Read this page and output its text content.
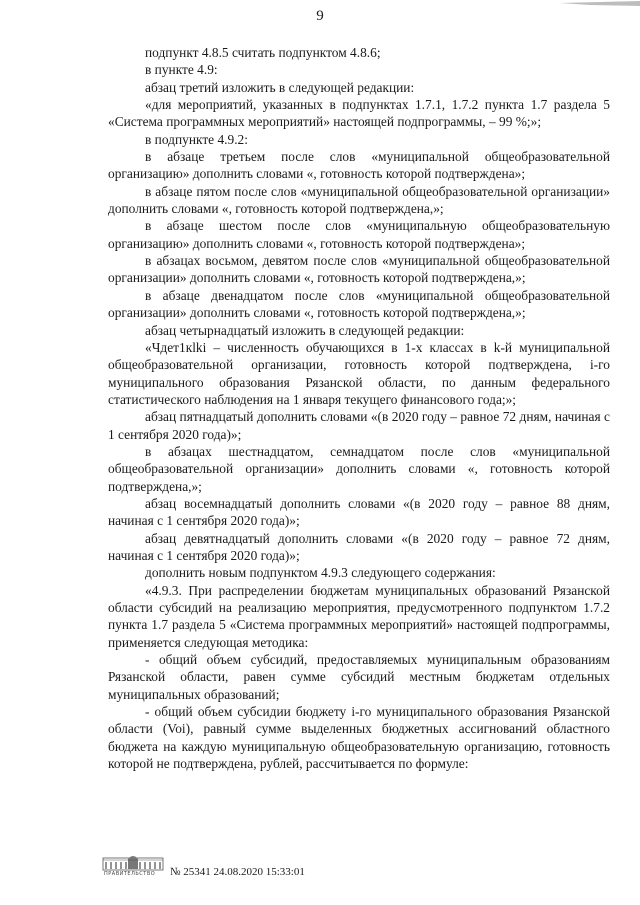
9

подпункт 4.8.5 считать подпунктом 4.8.6;

в пункте 4.9:

абзац третий изложить в следующей редакции:

«для мероприятий, указанных в подпунктах 1.7.1, 1.7.2 пункта 1.7 раздела 5 «Система программных мероприятий» настоящей подпрограммы, – 99 %;»;

в подпункте 4.9.2:

в абзаце третьем после слов «муниципальной общеобразовательной организацию» дополнить словами «, готовность которой подтверждена»;

в абзаце пятом после слов «муниципальной общеобразовательной организации» дополнить словами «, готовность которой подтверждена,»;

в абзаце шестом после слов «муниципальную общеобразовательную организацию» дополнить словами «, готовность которой подтверждена»;

в абзацах восьмом, девятом после слов «муниципальной общеобразовательной организации» дополнить словами «, готовность которой подтверждена,»;

в абзаце двенадцатом после слов «муниципальной общеобразовательной организации» дополнить словами «, готовность которой подтверждена,»;

абзац четырнадцатый изложить в следующей редакции:

«Чдет1кlki – численность обучающихся в 1-х классах в k-й муниципальной общеобразовательной организации, готовность которой подтверждена, i-го муниципального образования Рязанской области, по данным федерального статистического наблюдения на 1 января текущего финансового года;»;

абзац пятнадцатый дополнить словами «(в 2020 году – равное 72 дням, начиная с 1 сентября 2020 года)»;

в абзацах шестнадцатом, семнадцатом после слов «муниципальной общеобразовательной организации» дополнить словами «, готовность которой подтверждена,»;

абзац восемнадцатый дополнить словами «(в 2020 году – равное 88 дням, начиная с 1 сентября 2020 года)»;

абзац девятнадцатый дополнить словами «(в 2020 году – равное 72 дням, начиная с 1 сентября 2020 года)»;

дополнить новым подпунктом 4.9.3 следующего содержания:

«4.9.3. При распределении бюджетам муниципальных образований Рязанской области субсидий на реализацию мероприятия, предусмотренного подпунктом 1.7.2 пункта 1.7 раздела 5 «Система программных мероприятий» настоящей подпрограммы, применяется следующая методика:

- общий объем субсидий, предоставляемых муниципальным образованиям Рязанской области, равен сумме субсидий местным бюджетам отдельных муниципальных образований;

- общий объем субсидии бюджету i-го муниципального образования Рязанской области (Voi), равный сумме выделенных бюджетных ассигнований областного бюджета на каждую муниципальную общеобразовательную организацию, готовность которой не подтверждена, рублей, рассчитывается по формуле:

ПРАВИТЕЛЬСТВО № 25341 24.08.2020 15:33:01
